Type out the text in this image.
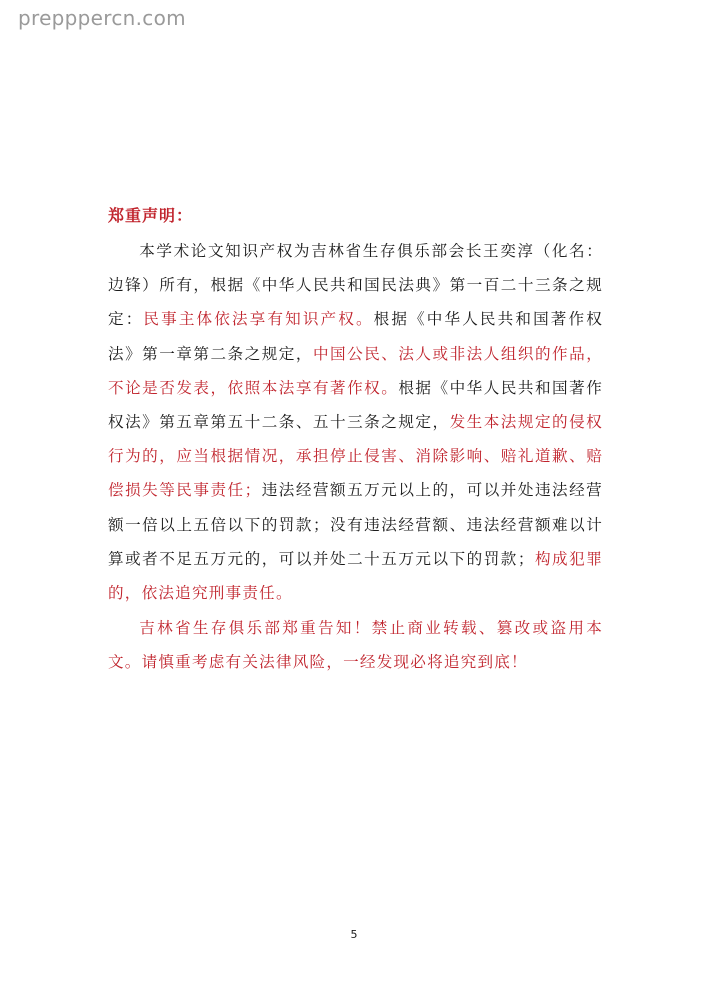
prepppercn.com
郑重声明：

本学术论文知识产权为吉林省生存俱乐部会长王奕淳（化名：边锋）所有，根据《中华人民共和国民法典》第一百二十三条之规定：民事主体依法享有知识产权。根据《中华人民共和国著作权法》第一章第二条之规定，中国公民、法人或非法人组织的作品，不论是否发表，依照本法享有著作权。根据《中华人民共和国著作权法》第五章第五十二条、五十三条之规定，发生本法规定的侵权行为的，应当根据情况，承担停止侵害、消除影响、赔礼道歉、赔偿损失等民事责任；违法经营额五万元以上的，可以并处违法经营额一倍以上五倍以下的罚款；没有违法经营额、违法经营额难以计算或者不足五万元的，可以并处二十五万元以下的罚款；构成犯罪的，依法追究刑事责任。

吉林省生存俱乐部郑重告知！禁止商业转载、篡改或盗用本文。请慎重考虑有关法律风险，一经发现必将追究到底！

5
